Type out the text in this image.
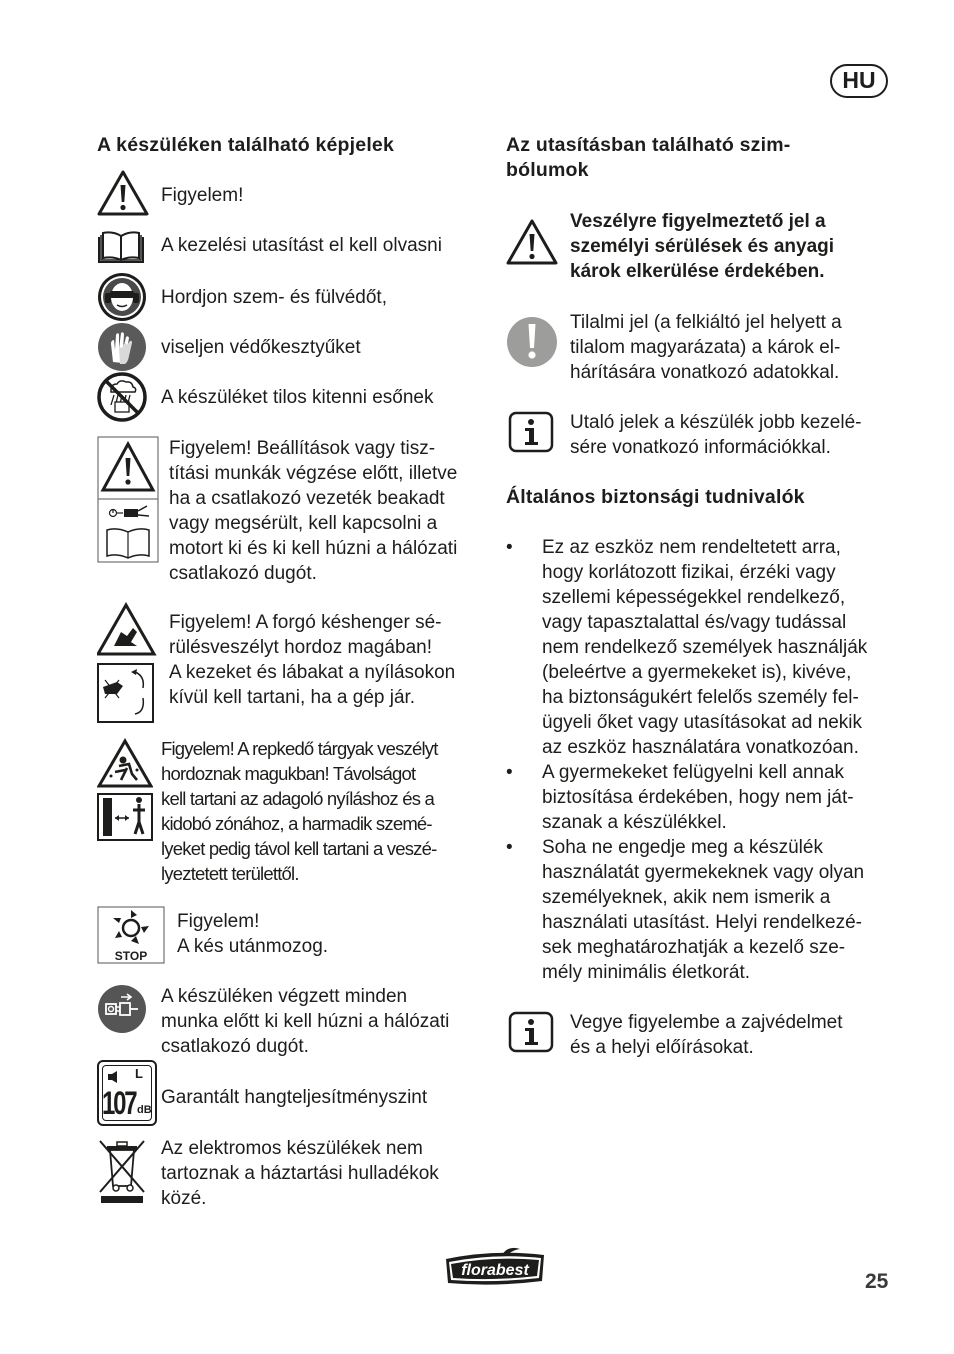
HU
A készüléken található képjelek
Figyelem!
A kezelési utasítást el kell olvasni
Hordjon szem- és fülvédőt,
viseljen védőkesztyűket
A készüléket tilos kitenni esőnek

Figyelem! Beállítások vagy tisz-

títási munkák végzése előtt, illetve

ha a csatlakozó vezeték beakadt

vagy megsérült, kell kapcsolni a

motort ki és ki kell húzni a hálózati

csatlakozó dugót.

Figyelem! A forgó késhenger sé-

rülésveszélyt hordoz magában!

A kezeket és lábakat a nyílásokon

kívül kell tartani, ha a gép jár.

Figyelem! A repkedő tárgyak veszélyt

hordoznak magukban! Távolságot

kell tartani az adagoló nyíláshoz és a

kidobó zónához, a harmadik szemé-

lyeket pedig távol kell tartani a veszé-

lyeztetett területtől.

STOP

Figyelem!

A kés utánmozog.

A készüléken végzett minden

munka előtt ki kell húzni a hálózati

csatlakozó dugót.

L
107 dB
Garantált hangteljesítményszint

Az elektromos készülékek nem

tartoznak a háztartási hulladékok

közé.

Az utasításban található szim-

bólumok

Veszélyre figyelmeztető jel a

személyi sérülések és anyagi

károk elkerülése érdekében.

Tilalmi jel (a felkiáltó jel helyett a

tilalom magyarázata) a károk el-

hárítására vonatkozó adatokkal.

Utaló jelek a készülék jobb kezelé-

sére vonatkozó információkkal.

Általános biztonsági tudnivalók

• Ez az eszköz nem rendeltetett arra,

hogy korlátozott fizikai, érzéki vagy

szellemi képességekkel rendelkező,

vagy tapasztalattal és/vagy tudással

nem rendelkező személyek használják

(beleértve a gyermekeket is), kivéve,

ha biztonságukért felelős személy fel-

ügyeli őket vagy utasításokat ad nekik

az eszköz használatára vonatkozóan.

• A gyermekeket felügyelni kell annak

biztosítása érdekében, hogy nem ját-

szanak a készülékkel.

• Soha ne engedje meg a készülék

használatát gyermekeknek vagy olyan

személyeknek, akik nem ismerik a

használati utasítást. Helyi rendelkezé-

sek meghatározhatják a kezelő sze-

mély minimális életkorát.

Vegye figyelembe a zajvédelmet

és a helyi előírásokat.

florabest	25
